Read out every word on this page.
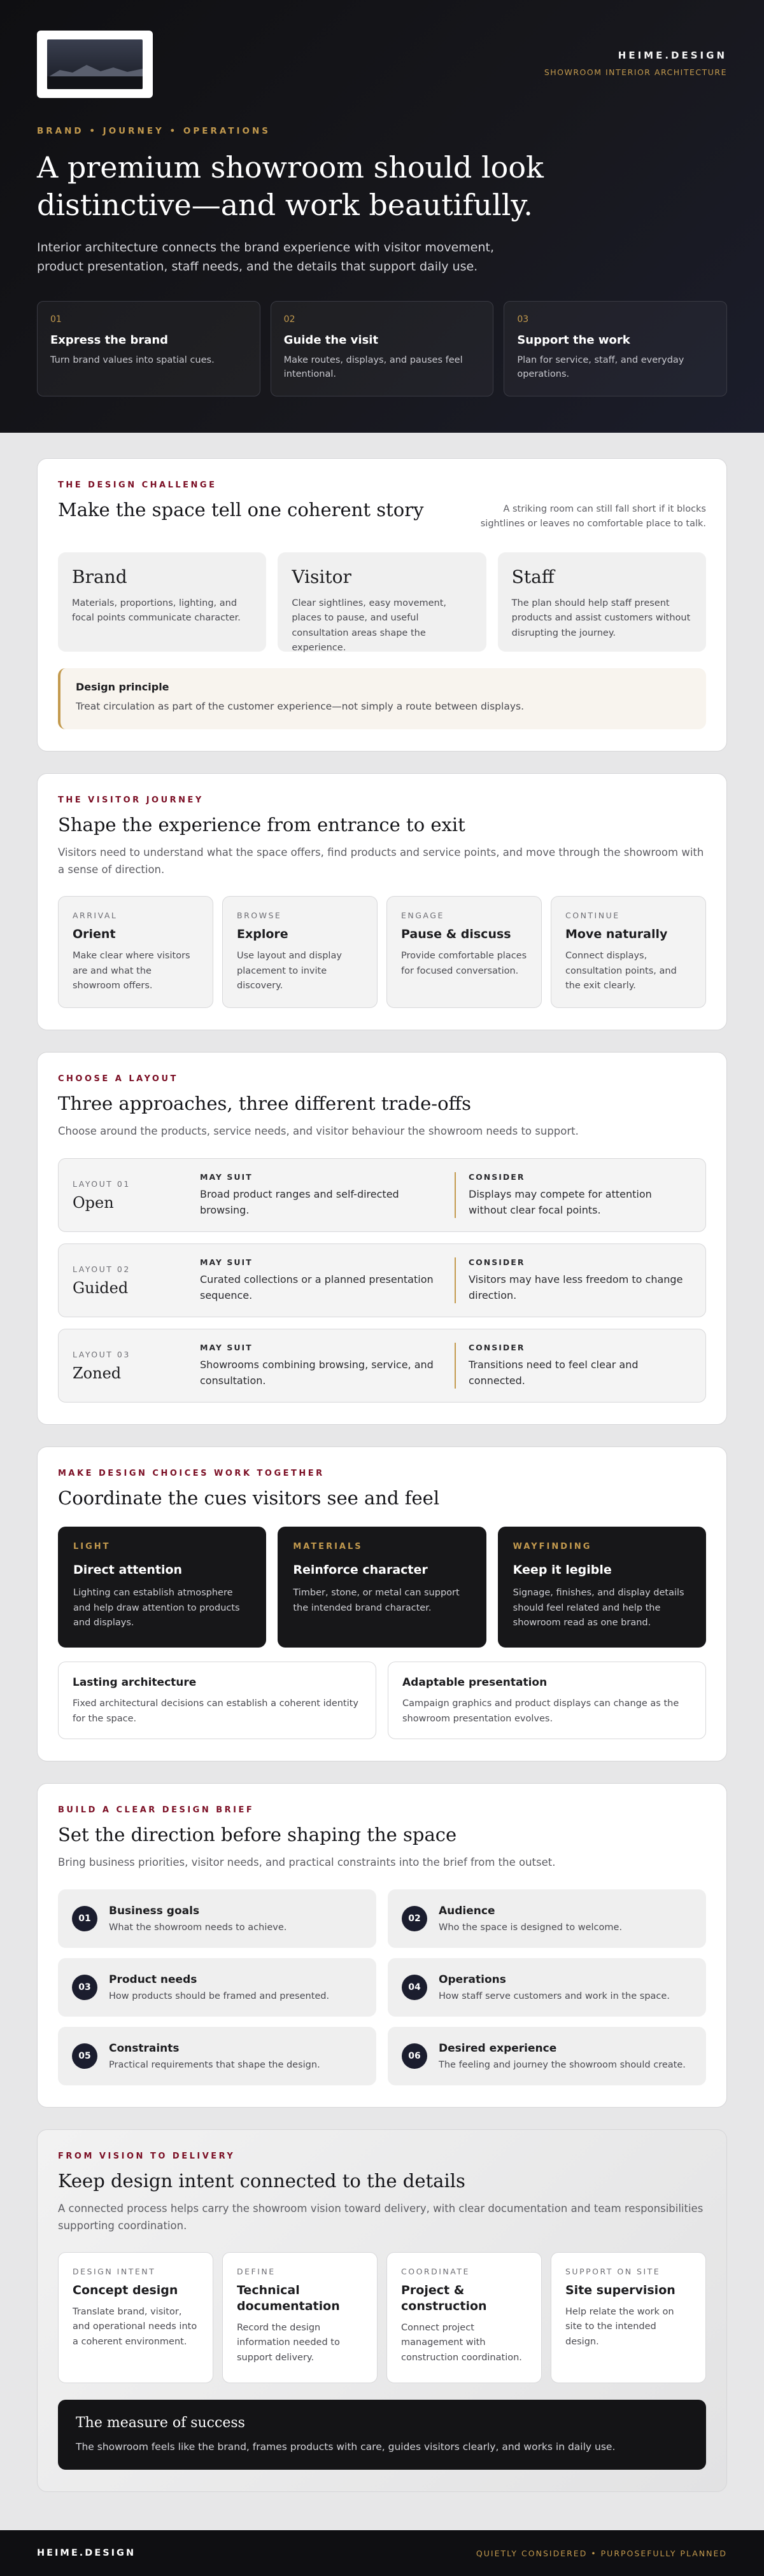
HEIME.DESIGN
SHOWROOM INTERIOR ARCHITECTURE
BRAND • JOURNEY • OPERATIONS
A premium showroom should look distinctive—and work beautifully.

Interior architecture connects the brand experience with visitor movement, product presentation, staff needs, and the details that support daily use.

01
Express the brand
Turn brand values into spatial cues.
02
Guide the visit
Make routes, displays, and pauses feel intentional.
03
Support the work
Plan for service, staff, and everyday operations.
THE DESIGN CHALLENGE
Make the space tell one coherent story	A striking room can still fall short if it blocks sightlines or leaves no comfortable place to talk.

Brand
Materials, proportions, lighting, and focal points communicate character.
Visitor
Clear sightlines, easy movement, places to pause, and useful consultation areas shape the experience.
Staff
The plan should help staff present products and assist customers without disrupting the journey.
Design principle
Treat circulation as part of the customer experience—not simply a route between displays.
THE VISITOR JOURNEY
Shape the experience from entrance to exit

Visitors need to understand what the space offers, find products and service points, and move through the showroom with a sense of direction.

ARRIVAL
Orient
Make clear where visitors are and what the showroom offers.
BROWSE
Explore
Use layout and display placement to invite discovery.
ENGAGE
Pause & discuss
Provide comfortable places for focused conversation.
CONTINUE
Move naturally
Connect displays, consultation points, and the exit clearly.
CHOOSE A LAYOUT
Three approaches, three different trade-offs

Choose around the products, service needs, and visitor behaviour the showroom needs to support.

LAYOUT 01
Open
MAY SUIT
Broad product ranges and self-directed browsing.
CONSIDER
Displays may compete for attention without clear focal points.
LAYOUT 02
Guided
MAY SUIT
Curated collections or a planned presentation sequence.
CONSIDER
Visitors may have less freedom to change direction.
LAYOUT 03
Zoned
MAY SUIT
Showrooms combining browsing, service, and consultation.
CONSIDER
Transitions need to feel clear and connected.
MAKE DESIGN CHOICES WORK TOGETHER
Coordinate the cues visitors see and feel
LIGHT
Direct attention
Lighting can establish atmosphere and help draw attention to products and displays.
MATERIALS
Reinforce character
Timber, stone, or metal can support the intended brand character.
WAYFINDING
Keep it legible
Signage, finishes, and display details should feel related and help the showroom read as one brand.
Lasting architecture
Fixed architectural decisions can establish a coherent identity for the space.
Adaptable presentation
Campaign graphics and product displays can change as the showroom presentation evolves.
BUILD A CLEAR DESIGN BRIEF
Set the direction before shaping the space

Bring business priorities, visitor needs, and practical constraints into the brief from the outset.

01
Business goals
What the showroom needs to achieve.
02
Audience
Who the space is designed to welcome.
03
Product needs
How products should be framed and presented.
04
Operations
How staff serve customers and work in the space.
05
Constraints
Practical requirements that shape the design.
06
Desired experience
The feeling and journey the showroom should create.
FROM VISION TO DELIVERY
Keep design intent connected to the details

A connected process helps carry the showroom vision toward delivery, with clear documentation and team responsibilities supporting coordination.

DESIGN INTENT
Concept design
Translate brand, visitor, and operational needs into a coherent environment.
DEFINE
Technical documentation
Record the design information needed to support delivery.
COORDINATE
Project & construction
Connect project management with construction coordination.
SUPPORT ON SITE
Site supervision
Help relate the work on site to the intended design.
The measure of success
The showroom feels like the brand, frames products with care, guides visitors clearly, and works in daily use.
HEIME.DESIGN	QUIETLY CONSIDERED • PURPOSEFULLY PLANNED
